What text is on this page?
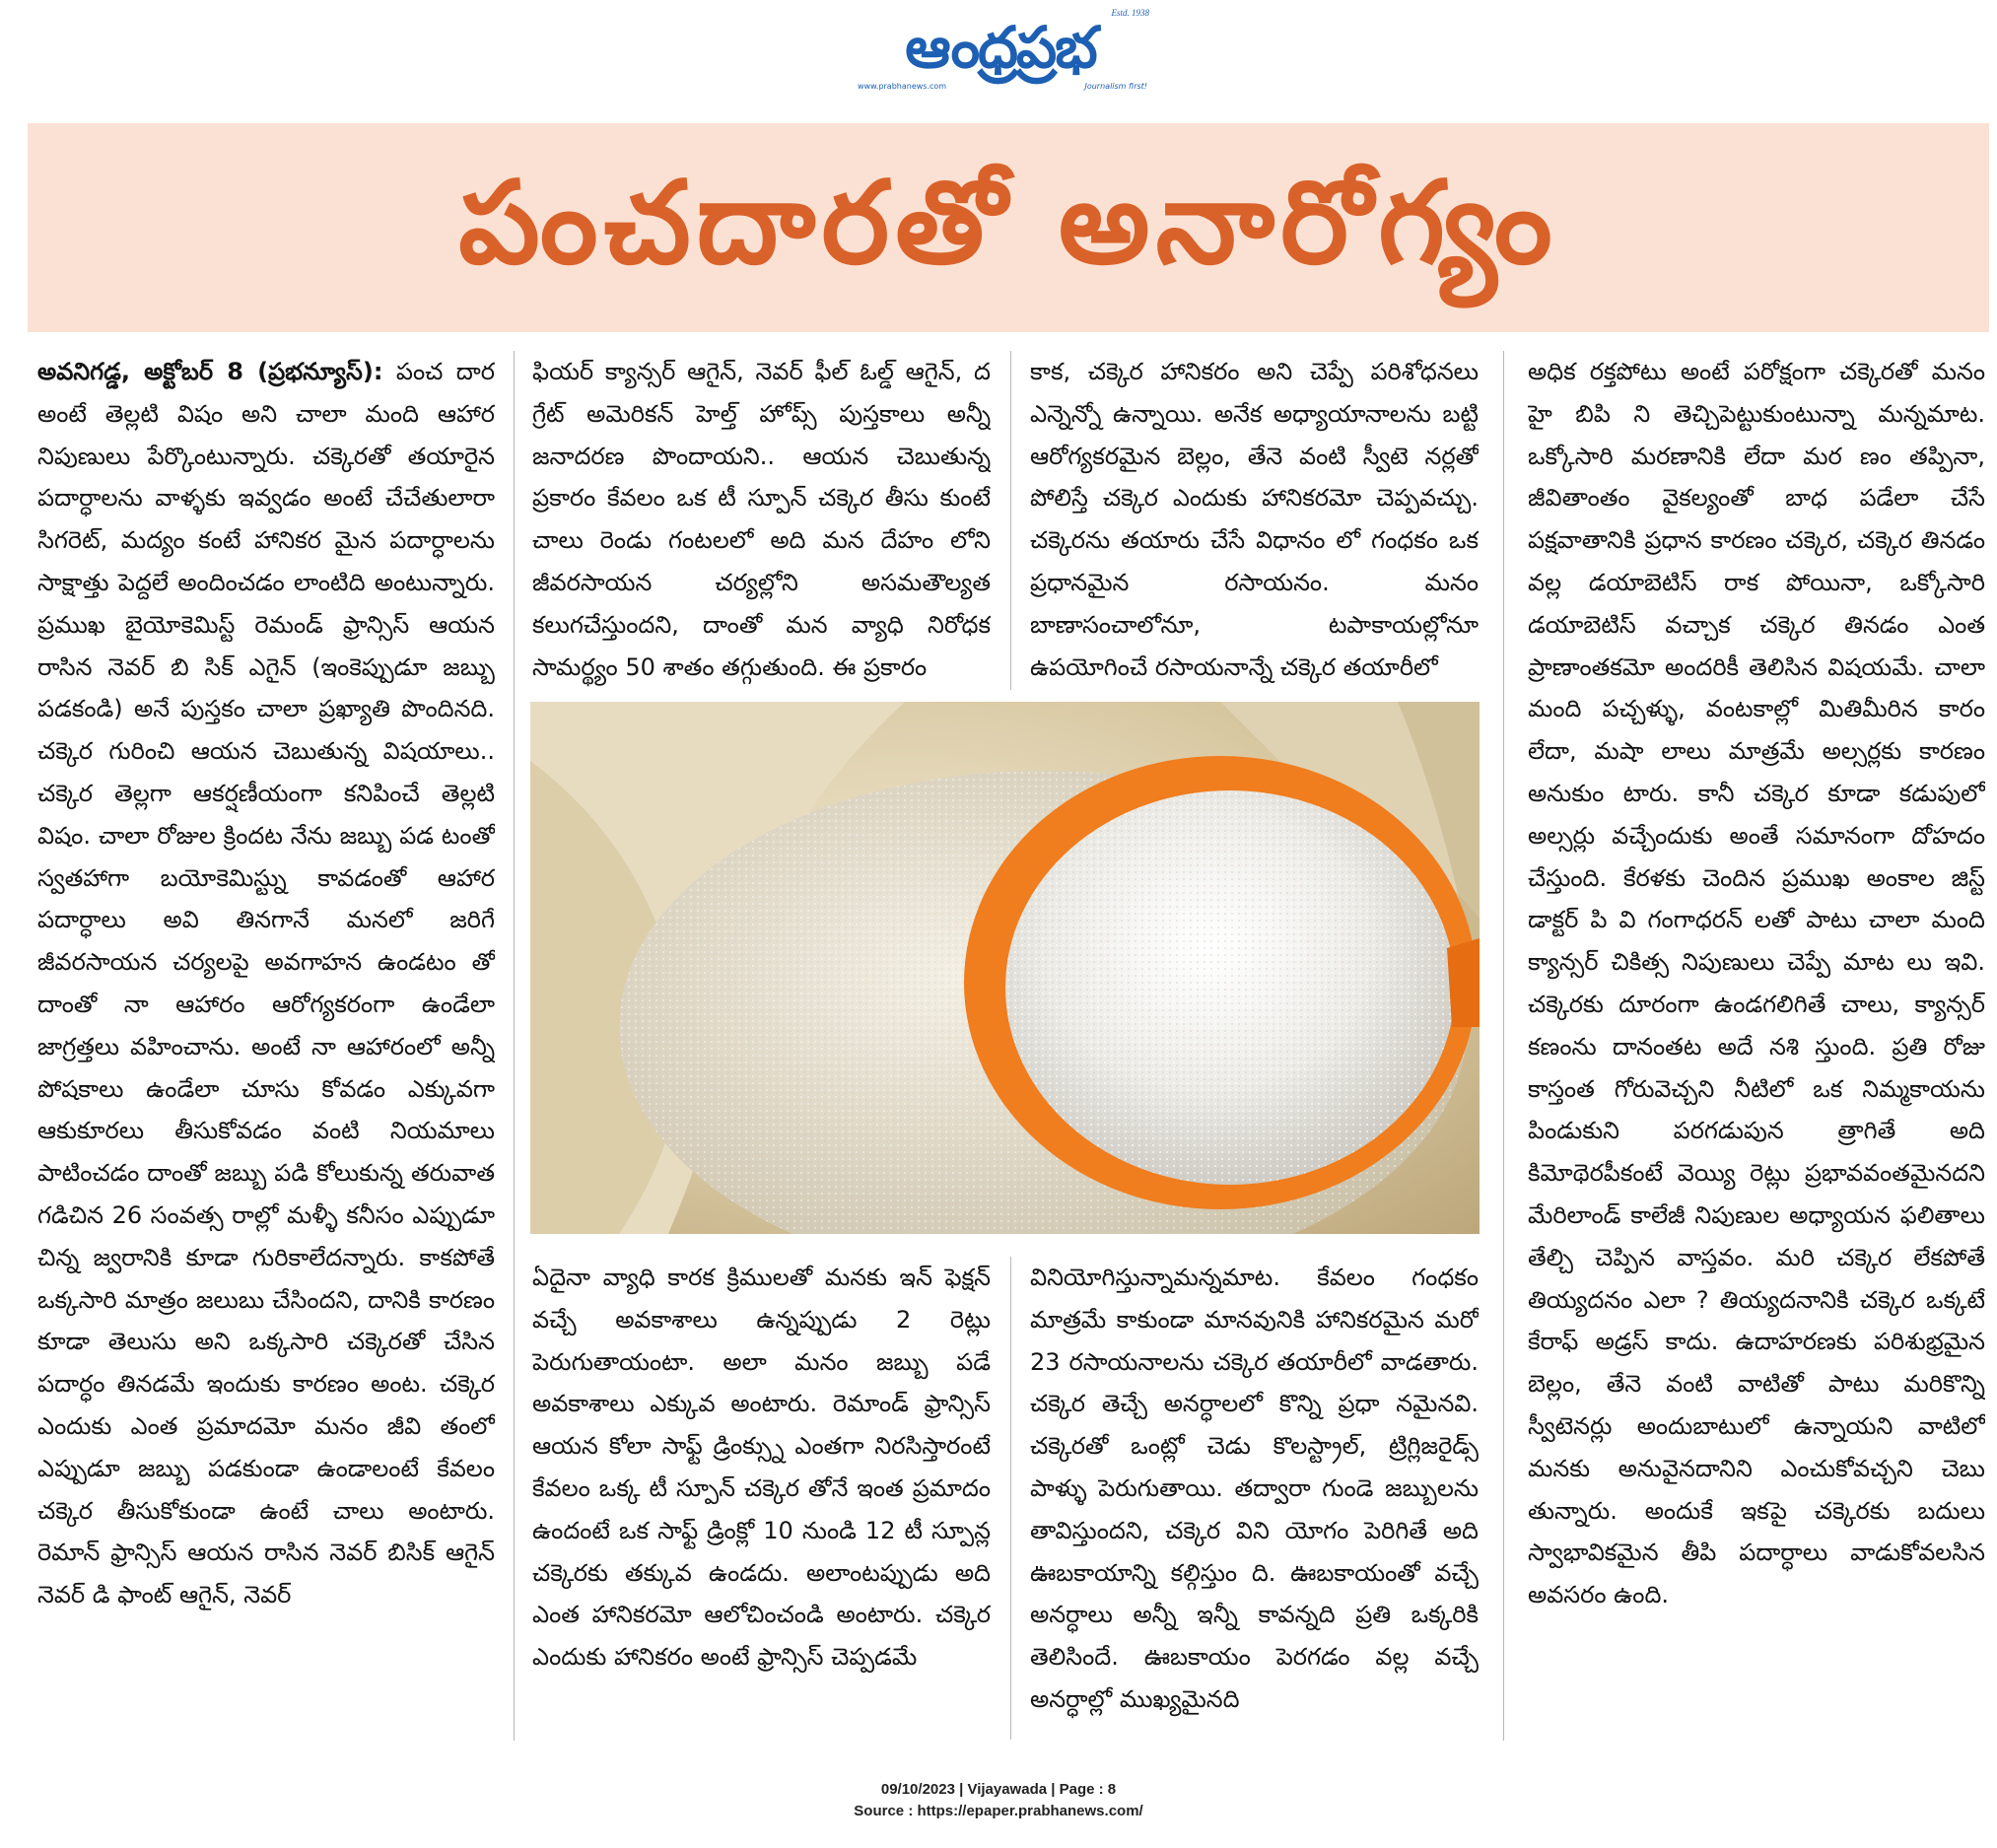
Estd. 1938
ఆంధ్రప్రభ
www.prabhanews.com	Journalism first!
పంచదారతో అనారోగ్యం

అవనిగడ్డ, అక్టోబర్ 8 (ప్రభన్యూస్): పంచ దార అంటే తెల్లటి విషం అని చాలా మంది ఆహార నిపుణులు పేర్కొంటున్నారు. చక్కెరతో తయారైన పదార్ధాలను వాళ్ళకు ఇవ్వడం అంటే చేచేతులారా సిగరెట్, మద్యం కంటే హానికర మైన పదార్ధాలను సాక్షాత్తు పెద్దలే అందించడం లాంటిది అంటున్నారు. ప్రముఖ బైయోకెమిస్ట్ రెమండ్ ఫ్రాన్సిస్ ఆయన రాసిన నెవర్ బి సిక్ ఎగైన్ (ఇంకెప్పుడూ జబ్బు పడకండి) అనే పుస్తకం చాలా ప్రఖ్యాతి పొందినది. చక్కెర గురించి ఆయన చెబుతున్న విషయాలు.. చక్కెర తెల్లగా ఆకర్షణీయంగా కనిపించే తెల్లటి విషం. చాలా రోజుల క్రిందట నేను జబ్బు పడ టంతో స్వతహాగా బయోకెమిస్ట్ను కావడంతో ఆహార పదార్ధాలు అవి తినగానే మనలో జరిగే జీవరసాయన చర్యలపై అవగాహన ఉండటం తో దాంతో నా ఆహారం ఆరోగ్యకరంగా ఉండేలా జాగ్రత్తలు వహించాను. అంటే నా ఆహారంలో అన్నీ పోషకాలు ఉండేలా చూసు కోవడం ఎక్కువగా ఆకుకూరలు తీసుకోవడం వంటి నియమాలు పాటించడం దాంతో జబ్బు పడి కోలుకున్న తరువాత గడిచిన 26 సంవత్స రాల్లో మళ్ళీ కనీసం ఎప్పుడూ చిన్న జ్వరానికి కూడా గురికాలేదన్నారు. కాకపోతే ఒక్కసారి మాత్రం జలుబు చేసిందని, దానికి కారణం కూడా తెలుసు అని ఒక్కసారి చక్కెరతో చేసిన పదార్ధం తినడమే ఇందుకు కారణం అంట. చక్కెర ఎందుకు ఎంత ప్రమాదమో మనం జీవి తంలో ఎప్పుడూ జబ్బు పడకుండా ఉండాలంటే కేవలం చక్కెర తీసుకోకుండా ఉంటే చాలు అంటారు. రెమాన్ ఫ్రాన్సిస్ ఆయన రాసిన నెవర్ బిసిక్ ఆగైన్ నెవర్ డి ఫాంట్ ఆగైన్, నెవర్

ఫియర్ క్యాన్సర్ ఆగైన్, నెవర్ ఫీల్ ఓల్డ్ ఆగైన్, ద గ్రేట్ అమెరికన్ హెల్త్ హోప్స్ పుస్తకాలు అన్నీ జనాదరణ పొందాయని.. ఆయన చెబుతున్న ప్రకారం కేవలం ఒక టీ స్పూన్ చక్కెర తీసు కుంటే చాలు రెండు గంటలలో అది మన దేహం లోని జీవరసాయన చర్యల్లోని అసమతౌల్యత కలుగచేస్తుందని, దాంతో మన వ్యాధి నిరోధక సామర్థ్యం 50 శాతం తగ్గుతుంది. ఈ ప్రకారం

కాక, చక్కెర హానికరం అని చెప్పే పరిశోధనలు ఎన్నెన్నో ఉన్నాయి. అనేక అధ్యాయానాలను బట్టి ఆరోగ్యకరమైన బెల్లం, తేనె వంటి స్వీటె నర్లతో పోలిస్తే చక్కెర ఎందుకు హానికరమో చెప్పవచ్చు. చక్కెరను తయారు చేసే విధానం లో గంధకం ఒక ప్రధానమైన రసాయనం. మనం బాణాసంచాలోనూ, టపాకాయల్లోనూ ఉపయోగించే రసాయనాన్నే చక్కెర తయారీలో

అధిక రక్తపోటు అంటే పరోక్షంగా చక్కెరతో మనం హై బిపి ని తెచ్చిపెట్టుకుంటున్నా మన్నమాట. ఒక్కోసారి మరణానికి లేదా మర ణం తప్పినా, జీవితాంతం వైకల్యంతో బాధ పడేలా చేసే పక్షవాతానికి ప్రధాన కారణం చక్కెర, చక్కెర తినడం వల్ల డయాబెటిస్ రాక పోయినా, ఒక్కోసారి డయాబెటిస్ వచ్చాక చక్కెర తినడం ఎంత ప్రాణాంతకమో అందరికీ తెలిసిన విషయమే. చాలా మంది పచ్చళ్ళు, వంటకాల్లో మితిమీరిన కారం లేదా, మషా లాలు మాత్రమే అల్సర్లకు కారణం అనుకుం టారు. కానీ చక్కెర కూడా కడుపులో అల్సర్లు వచ్చేందుకు అంతే సమానంగా దోహదం చేస్తుంది. కేరళకు చెందిన ప్రముఖ అంకాల జిస్ట్ డాక్టర్ పి వి గంగాధరన్ లతో పాటు చాలా మంది క్యాన్సర్ చికిత్స నిపుణులు చెప్పే మాట లు ఇవి. చక్కెరకు దూరంగా ఉండగలిగితే చాలు, క్యాన్సర్ కణంను దానంతట అదే నశి స్తుంది. ప్రతి రోజు కాస్తంత గోరువెచ్చని నీటిలో ఒక నిమ్మకాయను పిండుకుని పరగడుపున త్రాగితే అది కిమోథెరపీకంటే వెయ్యి రెట్లు ప్రభావవంతమైనదని మేరిలాండ్ కాలేజీ నిపుణుల అధ్యాయన ఫలితాలు తేల్చి చెప్పిన వాస్తవం. మరి చక్కెర లేకపోతే తియ్యదనం ఎలా ? తియ్యదనానికి చక్కెర ఒక్కటే కేరాఫ్ అడ్రస్ కాదు. ఉదాహరణకు పరిశుభ్రమైన బెల్లం, తేనె వంటి వాటితో పాటు మరికొన్ని స్వీటెనర్లు అందుబాటులో ఉన్నాయని వాటిలో మనకు అనువైనదానిని ఎంచుకోవచ్చని చెబు తున్నారు. అందుకే ఇకపై చక్కెరకు బదులు స్వాభావికమైన తీపి పదార్ధాలు వాడుకోవలసిన అవసరం ఉంది.

ఏదైనా వ్యాధి కారక క్రిములతో మనకు ఇన్ ఫెక్షన్ వచ్చే అవకాశాలు ఉన్నప్పుడు 2 రెట్లు పెరుగుతాయంటా. అలా మనం జబ్బు పడే అవకాశాలు ఎక్కువ అంటారు. రెమాండ్ ఫ్రాన్సిస్ ఆయన కోలా సాఫ్ట్ డ్రింక్స్ను ఎంతగా నిరసిస్తారంటే కేవలం ఒక్క టీ స్పూన్ చక్కెర తోనే ఇంత ప్రమాదం ఉందంటే ఒక సాఫ్ట్ డ్రింక్లో 10 నుండి 12 టీ స్పూన్ల చక్కెరకు తక్కువ ఉండదు. అలాంటప్పుడు అది ఎంత హానికరమో ఆలోచించండి అంటారు. చక్కెర ఎందుకు హానికరం అంటే ఫ్రాన్సిస్ చెప్పడమే

వినియోగిస్తున్నామన్నమాట. కేవలం గంధకం మాత్రమే కాకుండా మానవునికి హానికరమైన మరో 23 రసాయనాలను చక్కెర తయారీలో వాడతారు. చక్కెర తెచ్చే అనర్ధాలలో కొన్ని ప్రధా నమైనవి. చక్కెరతో ఒంట్లో చెడు కొలస్ట్రాల్, ట్రిగ్లిజరైడ్స్ పాళ్ళు పెరుగుతాయి. తద్వారా గుండె జబ్బులను తావిస్తుందని, చక్కెర విని యోగం పెరిగితే అది ఊబకాయాన్ని కల్గిస్తుం ది. ఊబకాయంతో వచ్చే అనర్ధాలు అన్నీ ఇన్నీ కావన్నది ప్రతి ఒక్కరికి తెలిసిందే. ఊబకాయం పెరగడం వల్ల వచ్చే అనర్ధాల్లో ముఖ్యమైనది

09/10/2023 | Vijayawada | Page : 8
Source : https://epaper.prabhanews.com/
